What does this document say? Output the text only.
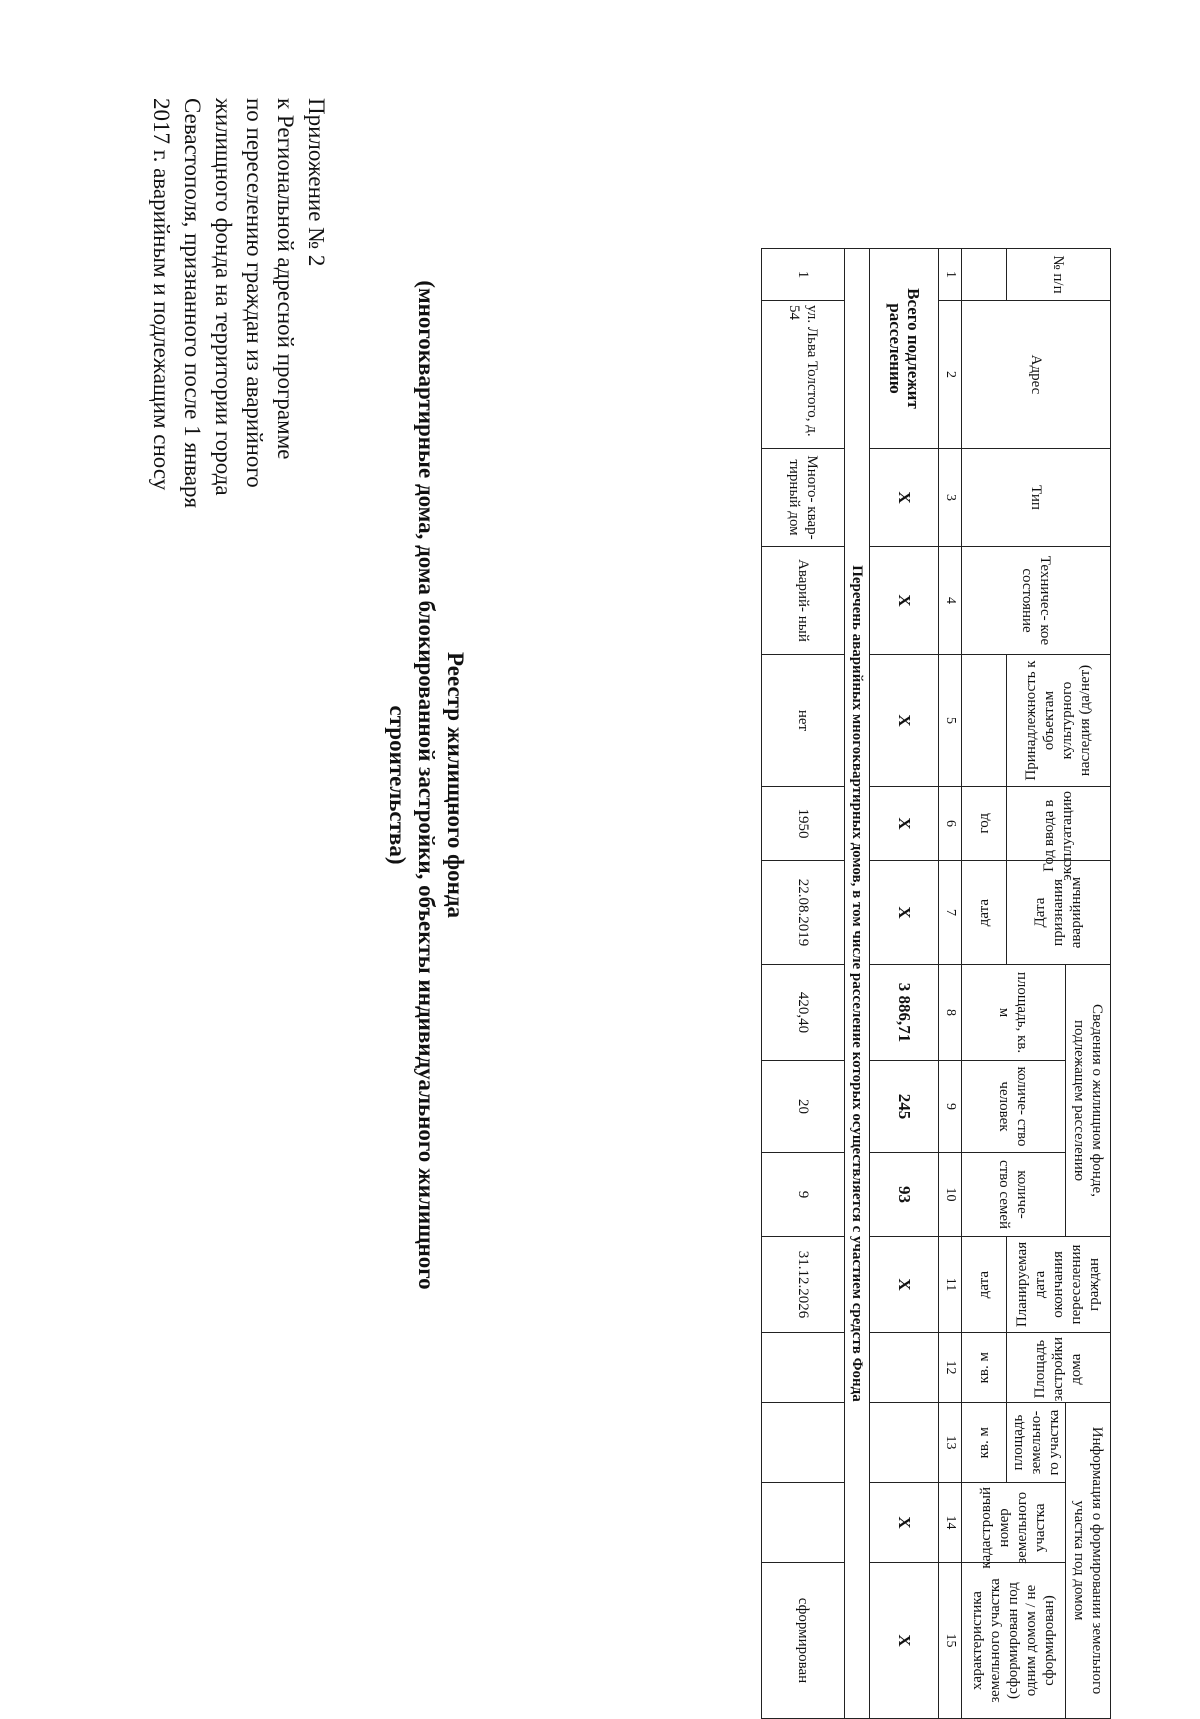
Приложение № 2
к Региональной адресной программе
по переселению граждан из аварийного
жилищного фонда на территории города
Севастополя, признанного после 1 января
2017 г. аварийным и подлежащим сносу
Реестр жилищного фонда
(многоквартирные дома, дома блокированной застройки, объекты индивидуального жилищного
строительства)
№ п/п	Адрес	Тип	Техничес- кое состояние	Принадлежность к объектам культурного наследия (да/нет)	Год ввода в эксплуатацию	Дата признания аварийным	Сведения о жилищном фонде, подлежащем расселению			Планируемая дата окончания переселения граждан	Площадь застройки дома	Информация о формировании земельного участка под домом		
							площадь, кв. м	количе- ство человек	количе- ство семей			площадь земельно- го участка	кадастровый номер земельного участка	характеристика земельного участка (сформирован под одним домом / не сформирован)
					год	дата				дата	кв. м	кв. м		
1	2	3	4	5	6	7	8	9	10	11	12	13	14	15
Всего подлежит расселению		X	X	X	X	X	3 886,71	245	93	X			X	X
Перечень аварийных многоквартирных домов, в том числе расселение которых осуществляется с участием средств Фонда														
1	ул. Льва Толстого, д. 54	Много- квар- тирный дом	Аварий- ный	нет	1950	22.08.2019	420,40	20	9	31.12.2026				сформирован
